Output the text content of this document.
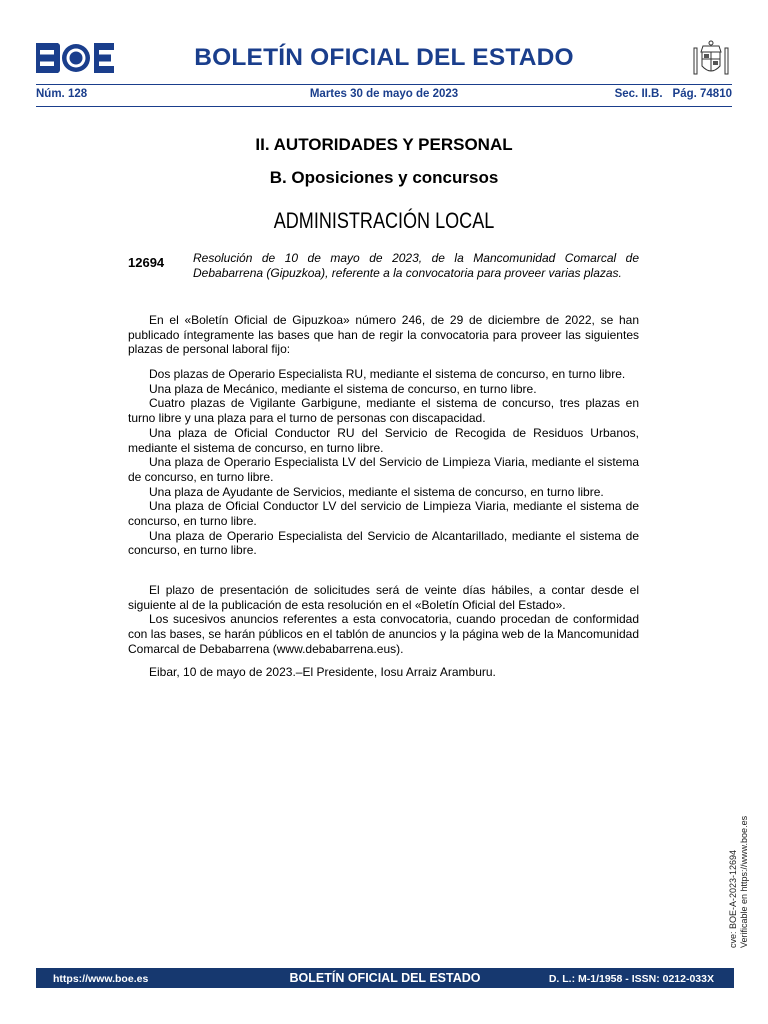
BOLETÍN OFICIAL DEL ESTADO
Núm. 128	Martes 30 de mayo de 2023	Sec. II.B. Pág. 74810
II. AUTORIDADES Y PERSONAL
B. Oposiciones y concursos
ADMINISTRACIÓN LOCAL
12694 Resolución de 10 de mayo de 2023, de la Mancomunidad Comarcal de Debabarrena (Gipuzkoa), referente a la convocatoria para proveer varias plazas.

En el «Boletín Oficial de Gipuzkoa» número 246, de 29 de diciembre de 2022, se han publicado íntegramente las bases que han de regir la convocatoria para proveer las siguientes plazas de personal laboral fijo:

Dos plazas de Operario Especialista RU, mediante el sistema de concurso, en turno libre.

Una plaza de Mecánico, mediante el sistema de concurso, en turno libre.

Cuatro plazas de Vigilante Garbigune, mediante el sistema de concurso, tres plazas en turno libre y una plaza para el turno de personas con discapacidad.

Una plaza de Oficial Conductor RU del Servicio de Recogida de Residuos Urbanos, mediante el sistema de concurso, en turno libre.

Una plaza de Operario Especialista LV del Servicio de Limpieza Viaria, mediante el sistema de concurso, en turno libre.

Una plaza de Ayudante de Servicios, mediante el sistema de concurso, en turno libre.

Una plaza de Oficial Conductor LV del servicio de Limpieza Viaria, mediante el sistema de concurso, en turno libre.

Una plaza de Operario Especialista del Servicio de Alcantarillado, mediante el sistema de concurso, en turno libre.

El plazo de presentación de solicitudes será de veinte días hábiles, a contar desde el siguiente al de la publicación de esta resolución en el «Boletín Oficial del Estado».

Los sucesivos anuncios referentes a esta convocatoria, cuando procedan de conformidad con las bases, se harán públicos en el tablón de anuncios y la página web de la Mancomunidad Comarcal de Debabarrena (www.debabarrena.eus).

Eibar, 10 de mayo de 2023.–El Presidente, Iosu Arraiz Aramburu.

cve: BOE-A-2023-12694 Verificable en https://www.boe.es
https://www.boe.es	BOLETÍN OFICIAL DEL ESTADO	D. L.: M-1/1958 - ISSN: 0212-033X
